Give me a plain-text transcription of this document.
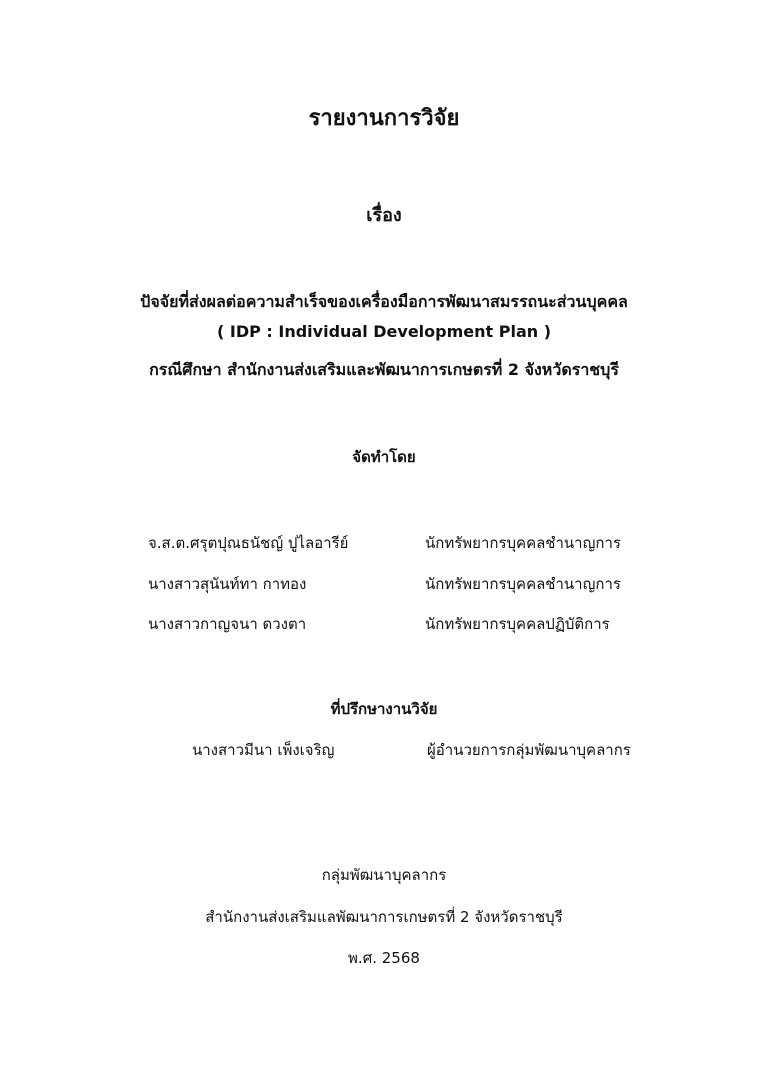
รายงานการวิจัย
เรื่อง
ปัจจัยที่ส่งผลต่อความสำเร็จของเครื่องมือการพัฒนาสมรรถนะส่วนบุคคล
( IDP : Individual Development Plan )
กรณีศึกษา สำนักงานส่งเสริมและพัฒนาการเกษตรที่ 2 จังหวัดราชบุรี
จัดทำโดย
จ.ส.ต.ศรุตปุณธนัชญ์ ปูไลอารีย์	นักทรัพยากรบุคคลชำนาญการ
นางสาวสุนันท์ทา กาทอง	นักทรัพยากรบุคคลชำนาญการ
นางสาวกาญจนา ดวงตา	นักทรัพยากรบุคคลปฏิบัติการ
ที่ปรึกษางานวิจัย
นางสาวมีนา เพ็งเจริญ	ผู้อำนวยการกลุ่มพัฒนาบุคลากร
กลุ่มพัฒนาบุคลากร
สำนักงานส่งเสริมแลพัฒนาการเกษตรที่ 2 จังหวัดราชบุรี
พ.ศ. 2568
